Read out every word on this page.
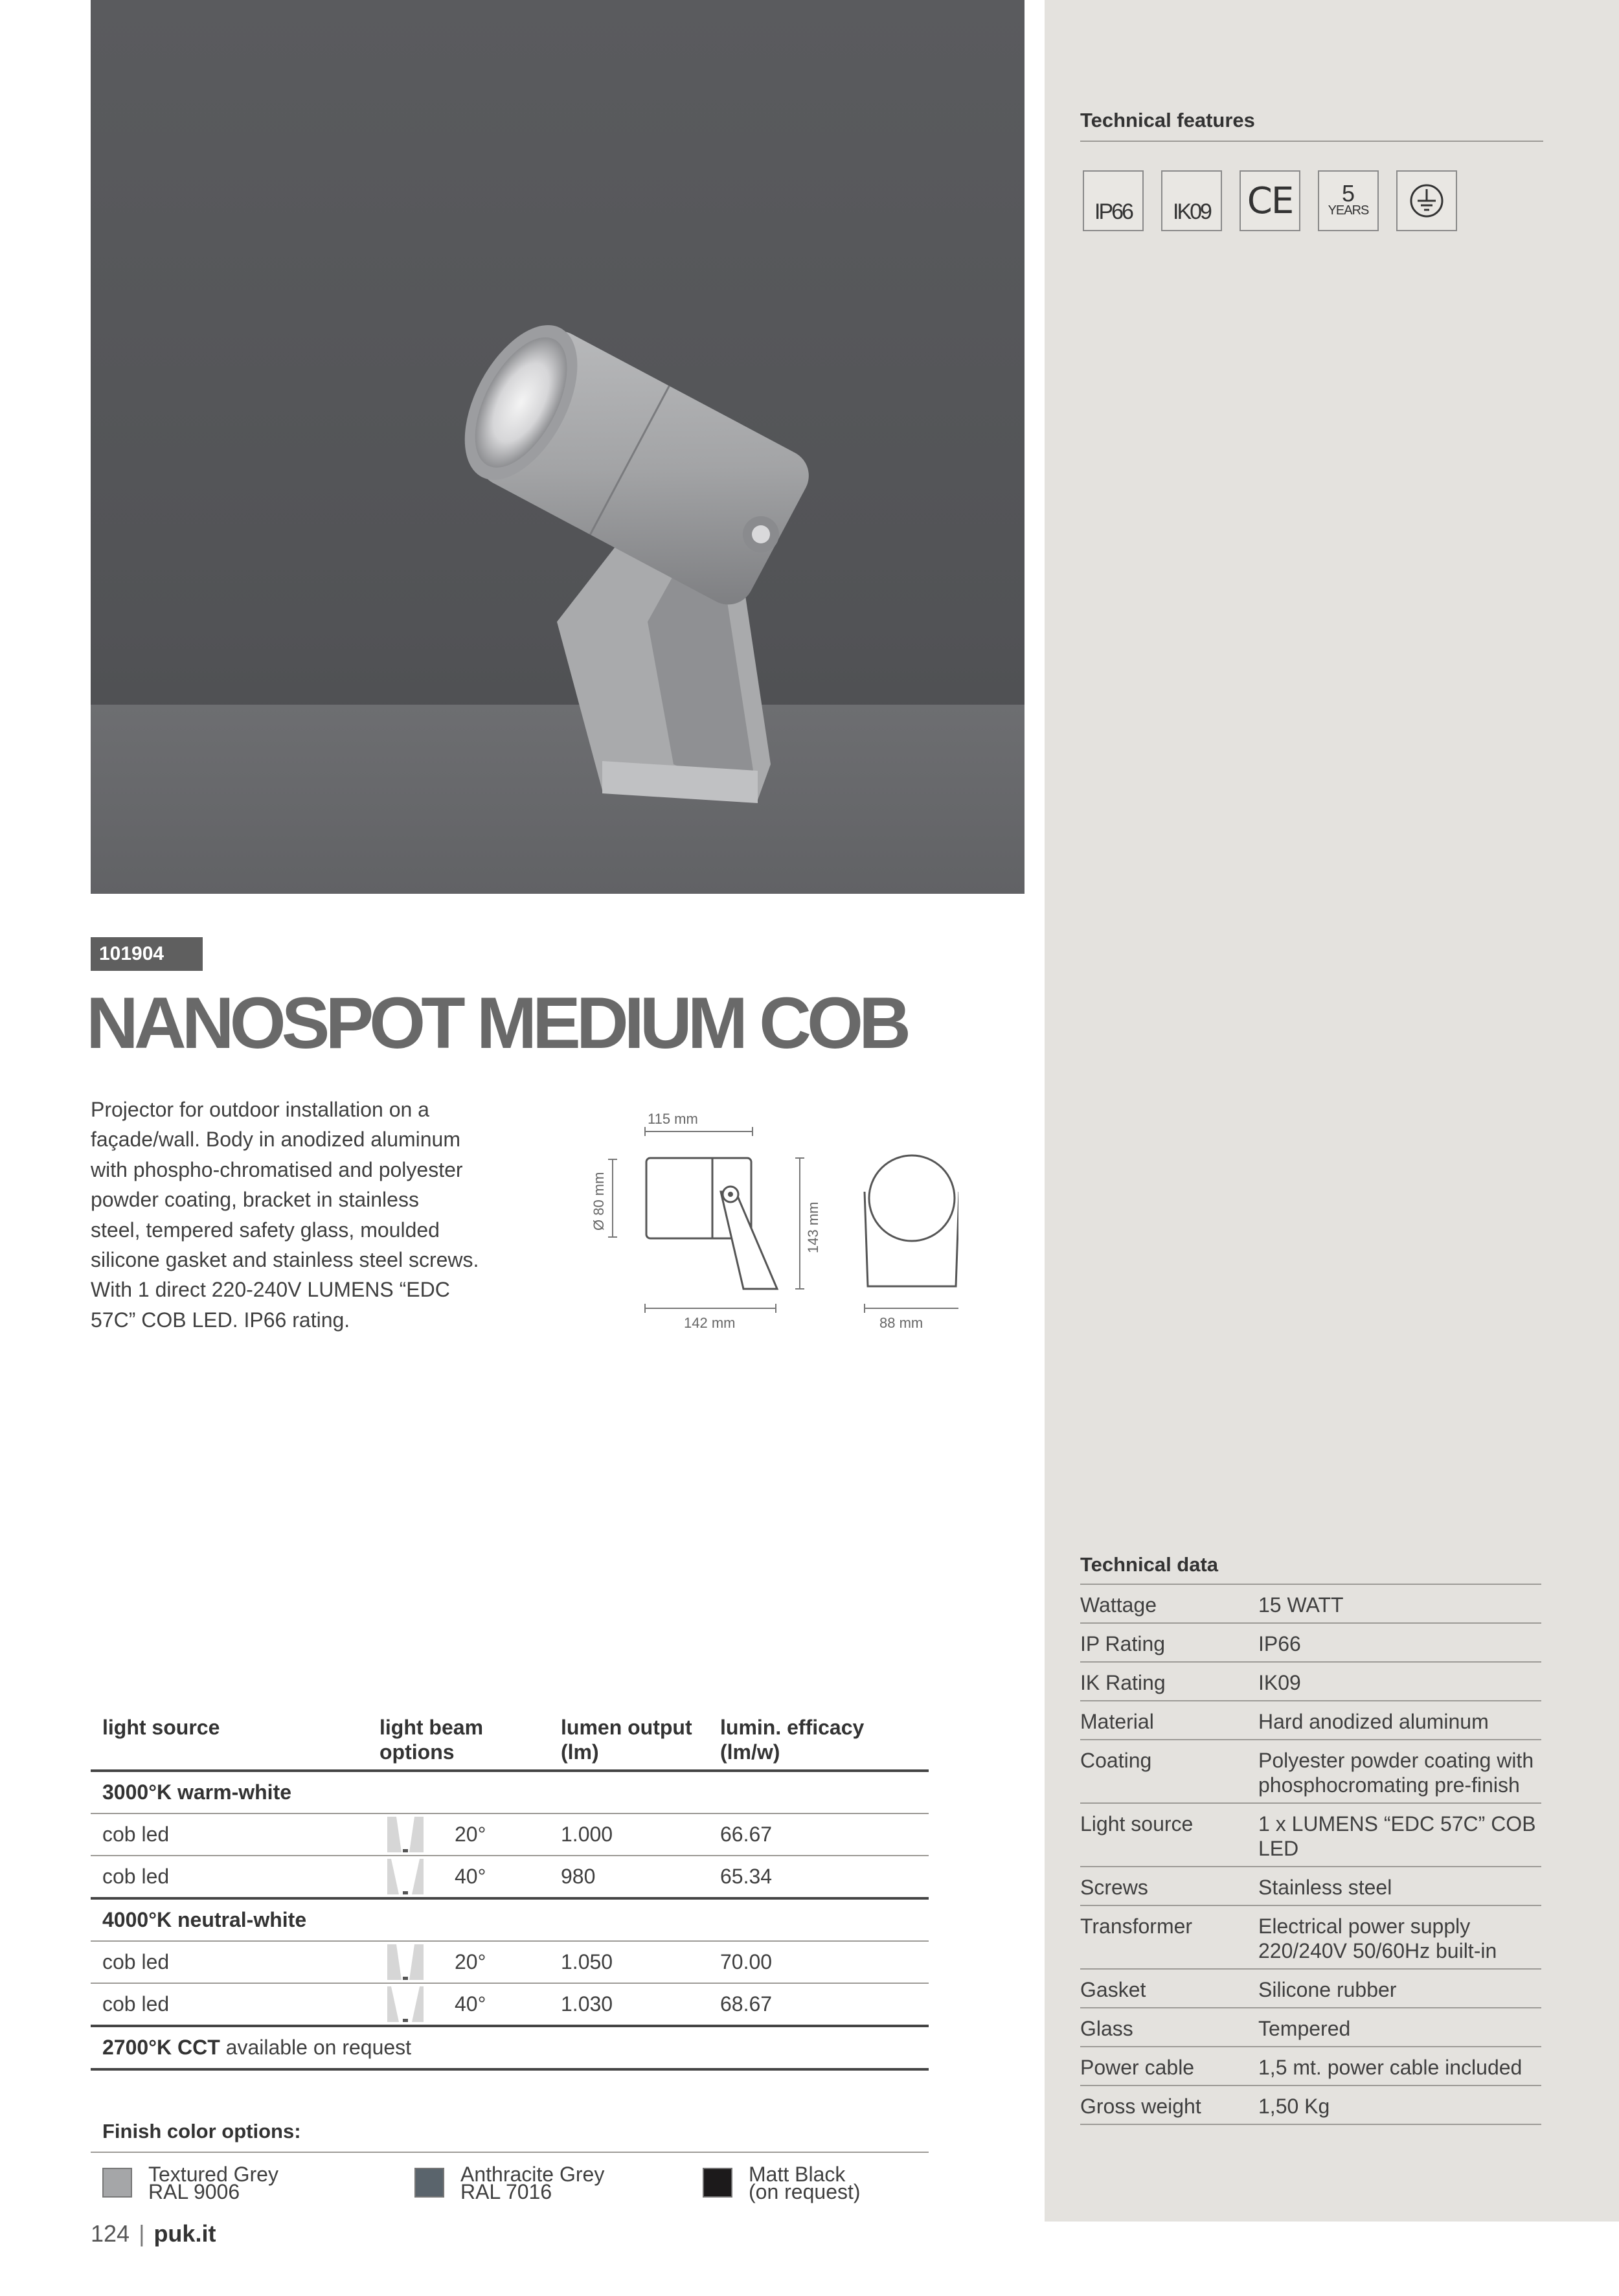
101904
NANOSPOT MEDIUM COB

Projector for outdoor installation on a

façade/wall. Body in anodized aluminum

with phospho-chromatised and polyester

powder coating, bracket in stainless

steel, tempered safety glass, moulded

silicone gasket and stainless steel screws.

With 1 direct 220-240V LUMENS “EDC

57C” COB LED. IP66 rating.

115 mm
Ø 80 mm	143 mm
142 mm	88 mm
Technical features
IP66	IK09	CE	5
YEARS
Technical data
Wattage	15 WATT
IP Rating	IP66
IK Rating	IK09
Material	Hard anodized aluminum
Coating	Polyester powder coating with phosphocromating pre-finish
Light source	1 x LUMENS “EDC 57C” COB LED
Screws	Stainless steel
Transformer	Electrical power supply 220/240V 50/60Hz built-in
Gasket	Silicone rubber
Glass	Tempered
Power cable	1,5 mt. power cable included
Gross weight	1,50 Kg
light source	light beam options	lumen output (lm)	lumin. efficacy (lm/w)
3000°K warm-white			
cob led	20°	1.000	66.67
cob led	40°	980	65.34
4000°K neutral-white			
cob led	20°	1.050	70.00
cob led	40°	1.030	68.67
2700°K CCT available on request			
Finish color options:
Textured Grey
RAL 9006
Anthracite Grey
RAL 7016
Matt Black
(on request)
124 | puk.it
